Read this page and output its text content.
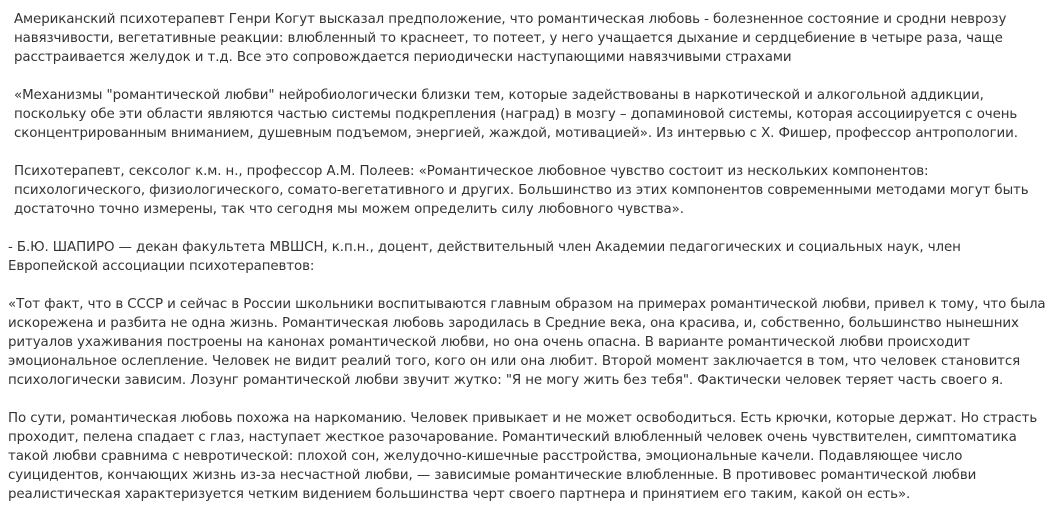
Американский психотерапевт Генри Когут высказал предположение, что романтическая любовь - болезненное состояние и сродни неврозу навязчивости, вегетативные реакции: влюбленный то краснеет, то потеет, у него учащается дыхание и сердцебиение в четыре раза, чаще расстраивается желудок и т.д. Все это сопровождается периодически наступающими навязчивыми страхами

«Механизмы "романтической любви" нейробиологически близки тем, которые задействованы в наркотической и алкогольной аддикции, поскольку обе эти области являются частью системы подкрепления (наград) в мозгу – допаминовой системы, которая ассоциируется с очень сконцентрированным вниманием, душевным подъемом, энергией, жаждой, мотивацией». Из интервью с Х. Фишер, профессор антропологии.

Психотерапевт, сексолог к.м. н., профессор А.М. Полеев: «Романтическое любовное чувство состоит из нескольких компонентов: психологического, физиологического, сомато-вегетативного и других. Большинство из этих компонентов современными методами могут быть достаточно точно измерены, так что сегодня мы можем определить силу любовного чувства».

- Б.Ю. ШАПИРО — декан факультета МВШСН, к.п.н., доцент, действительный член Академии педагогических и социальных наук, член Европейской ассоциации психотерапевтов:

«Тот факт, что в СССР и сейчас в России школьники воспитываются главным образом на примерах романтической любви, привел к тому, что была искорежена и разбита не одна жизнь. Романтическая любовь зародилась в Средние века, она красива, и, собственно, большинство нынешних ритуалов ухаживания построены на канонах романтической любви, но она очень опасна. В варианте романтической любви происходит эмоциональное ослепление. Человек не видит реалий того, кого он или она любит. Второй момент заключается в том, что человек становится психологически зависим. Лозунг романтической любви звучит жутко: "Я не могу жить без тебя". Фактически человек теряет часть своего я.

По сути, романтическая любовь похожа на наркоманию. Человек привыкает и не может освободиться. Есть крючки, которые держат. Но страсть проходит, пелена спадает с глаз, наступает жесткое разочарование. Романтический влюбленный человек очень чувствителен, симптоматика такой любви сравнима с невротической: плохой сон, желудочно-кишечные расстройства, эмоциональные качели. Подавляющее число суицидентов, кончающих жизнь из-за несчастной любви, — зависимые романтические влюбленные. В противовес романтической любви реалистическая характеризуется четким видением большинства черт своего партнера и принятием его таким, какой он есть».
